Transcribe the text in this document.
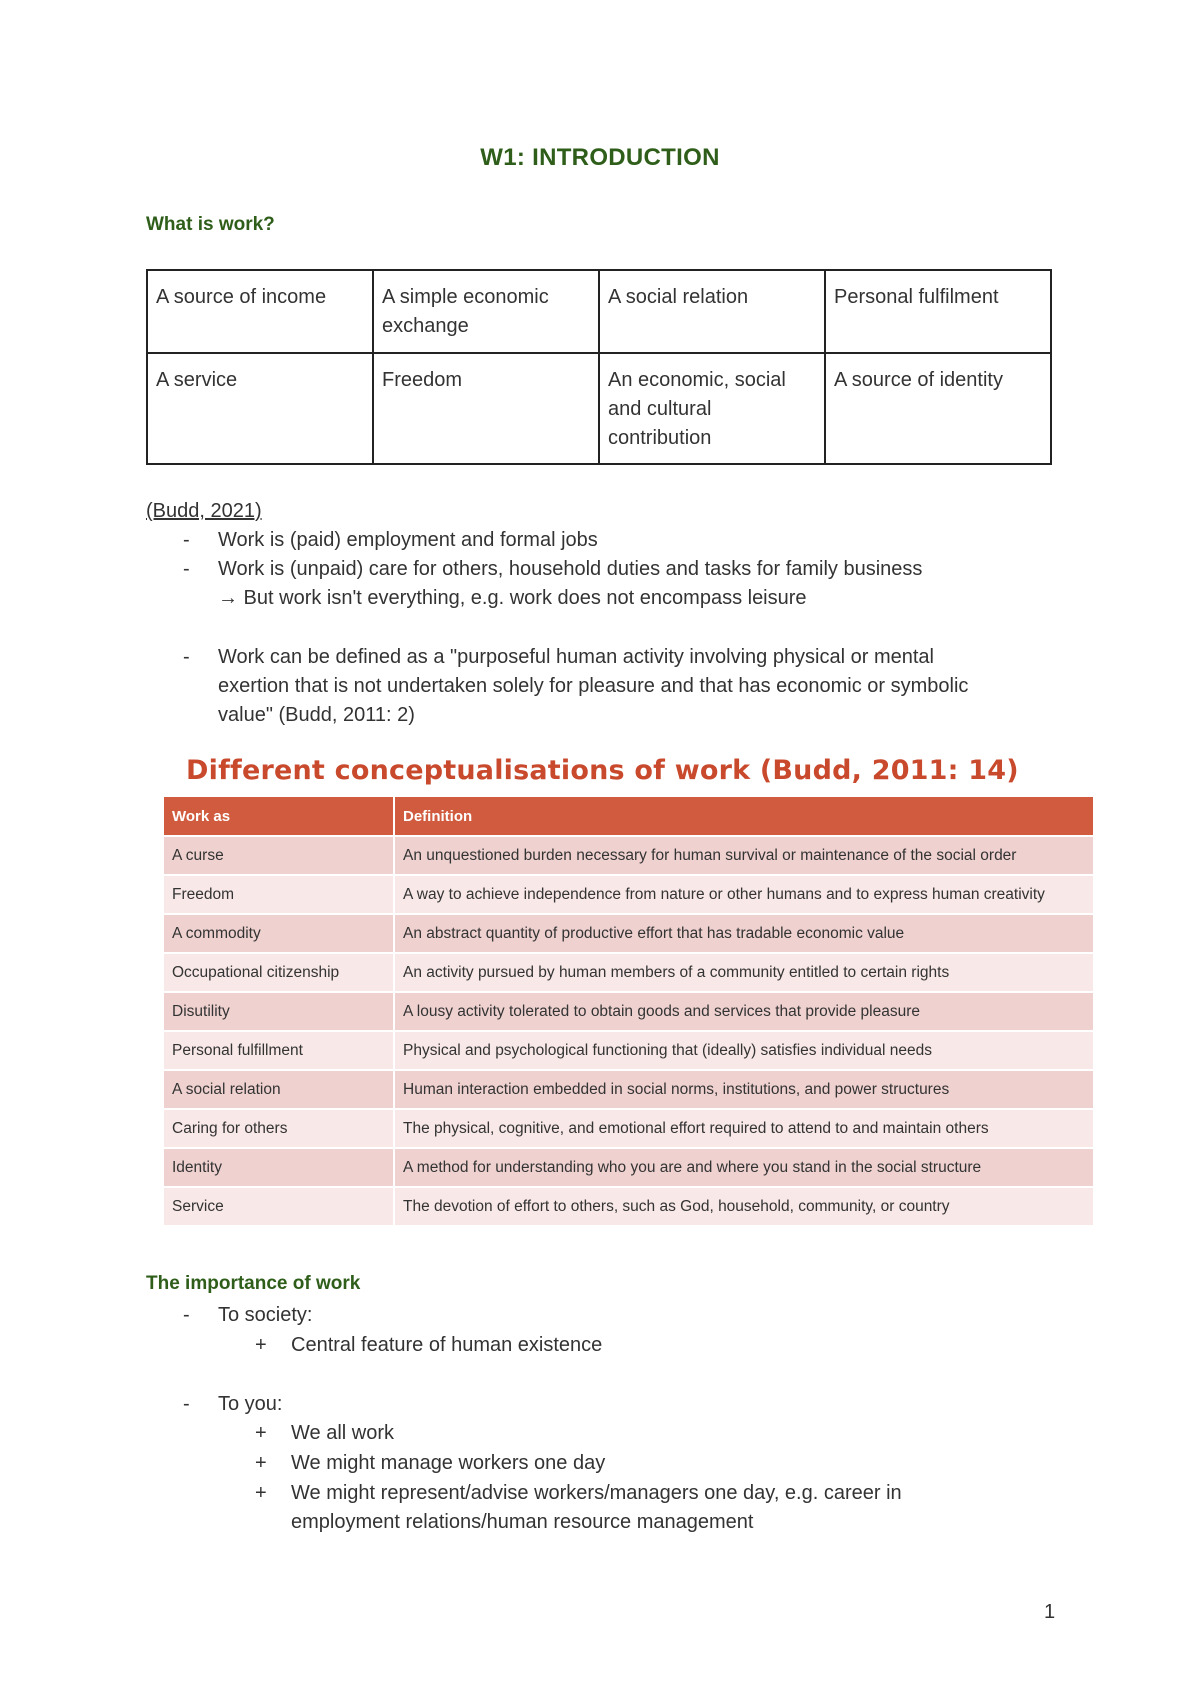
W1: INTRODUCTION
What is work?
A source of income	A simple economic exchange	A social relation	Personal fulfilment
A service	Freedom	An economic, social and cultural contribution	A source of identity
(Budd, 2021)
- Work is (paid) employment and formal jobs
- Work is (unpaid) care for others, household duties and tasks for family business
→ But work isn't everything, e.g. work does not encompass leisure
- Work can be defined as a "purposeful human activity involving physical or mental
exertion that is not undertaken solely for pleasure and that has economic or symbolic
value" (Budd, 2011: 2)
Different conceptualisations of work (Budd, 2011: 14)
Work as	Definition
A curse	An unquestioned burden necessary for human survival or maintenance of the social order
Freedom	A way to achieve independence from nature or other humans and to express human creativity
A commodity	An abstract quantity of productive effort that has tradable economic value
Occupational citizenship	An activity pursued by human members of a community entitled to certain rights
Disutility	A lousy activity tolerated to obtain goods and services that provide pleasure
Personal fulfillment	Physical and psychological functioning that (ideally) satisfies individual needs
A social relation	Human interaction embedded in social norms, institutions, and power structures
Caring for others	The physical, cognitive, and emotional effort required to attend to and maintain others
Identity	A method for understanding who you are and where you stand in the social structure
Service	The devotion of effort to others, such as God, household, community, or country
The importance of work
- To society:
+ Central feature of human existence
- To you:
+ We all work
+ We might manage workers one day
+ We might represent/advise workers/managers one day, e.g. career in
employment relations/human resource management
1
